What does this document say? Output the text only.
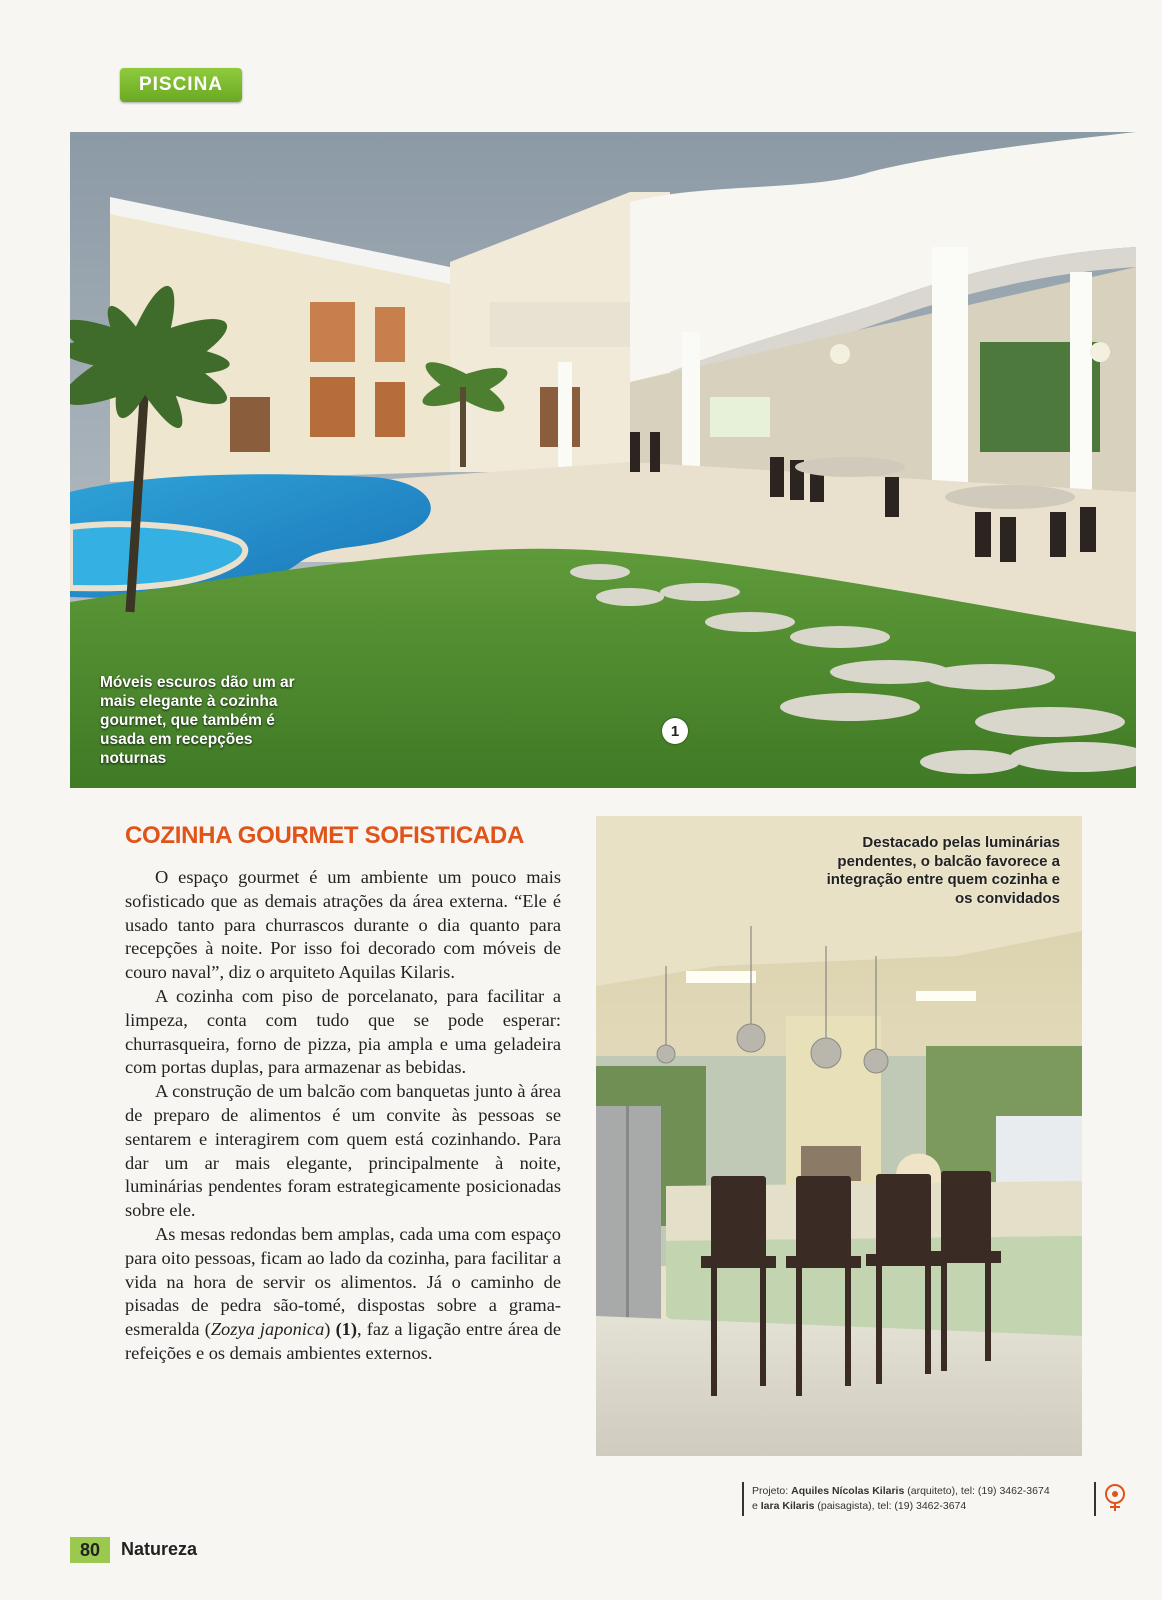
PISCINA
Móveis escuros dão um ar mais elegante à cozinha gourmet, que também é usada em recepções noturnas
1
COZINHA GOURMET SOFISTICADA

O espaço gourmet é um ambiente um pouco mais sofisticado que as demais atrações da área externa. “Ele é usado tanto para churrascos durante o dia quanto para recepções à noite. Por isso foi decorado com móveis de couro naval”, diz o arquiteto Aquilas Kilaris.

A cozinha com piso de porcelanato, para facilitar a limpeza, conta com tudo que se pode esperar: churrasqueira, forno de pizza, pia ampla e uma geladeira com portas duplas, para armazenar as bebidas.

A construção de um balcão com banquetas junto à área de preparo de alimentos é um convite às pessoas se sentarem e interagirem com quem está cozinhando. Para dar um ar mais elegante, principalmente à noite, luminárias pendentes foram estrategicamente posicionadas sobre ele.

As mesas redondas bem amplas, cada uma com espaço para oito pessoas, ficam ao lado da cozinha, para facilitar a vida na hora de servir os alimentos. Já o caminho de pisadas de pedra são-tomé, dispostas sobre a grama-esmeralda (Zozya japonica) (1), faz a ligação entre área de refeições e os demais ambientes externos.

Destacado pelas luminárias pendentes, o balcão favorece a integração entre quem cozinha e os convidados
Projeto: Aquiles Nícolas Kilaris (arquiteto), tel: (19) 3462-3674
e Iara Kilaris (paisagista), tel: (19) 3462-3674
80	Natureza
